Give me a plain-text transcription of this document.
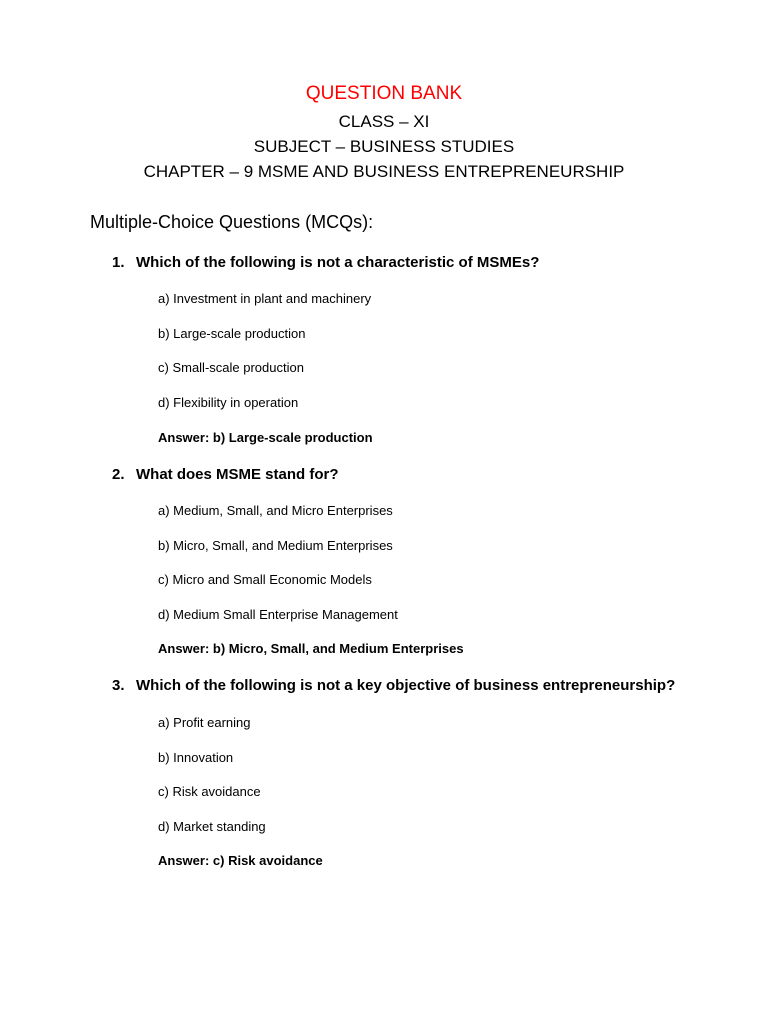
QUESTION BANK
CLASS – XI
SUBJECT – BUSINESS STUDIES
CHAPTER – 9 MSME AND BUSINESS ENTREPRENEURSHIP
Multiple-Choice Questions (MCQs):
1. Which of the following is not a characteristic of MSMEs?
a) Investment in plant and machinery
b) Large-scale production
c) Small-scale production
d) Flexibility in operation
Answer: b) Large-scale production
2. What does MSME stand for?
a) Medium, Small, and Micro Enterprises
b) Micro, Small, and Medium Enterprises
c) Micro and Small Economic Models
d) Medium Small Enterprise Management
Answer: b) Micro, Small, and Medium Enterprises
3. Which of the following is not a key objective of business entrepreneurship?
a) Profit earning
b) Innovation
c) Risk avoidance
d) Market standing
Answer: c) Risk avoidance
